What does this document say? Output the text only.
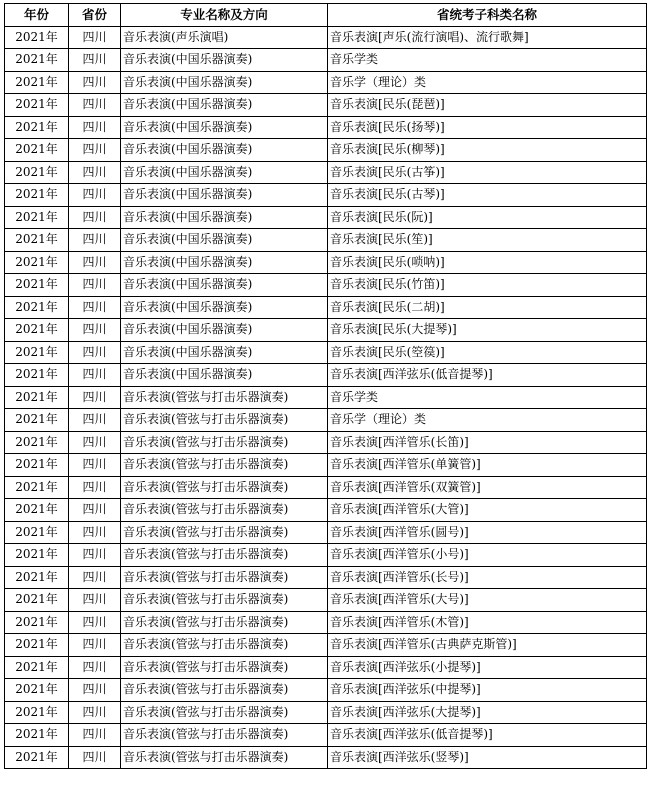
年份	省份	专业名称及方向	省统考子科类名称
2021年	四川	音乐表演(声乐演唱)	音乐表演[声乐(流行演唱)、流行歌舞]
2021年	四川	音乐表演(中国乐器演奏)	音乐学类
2021年	四川	音乐表演(中国乐器演奏)	音乐学（理论）类
2021年	四川	音乐表演(中国乐器演奏)	音乐表演[民乐(琵琶)]
2021年	四川	音乐表演(中国乐器演奏)	音乐表演[民乐(扬琴)]
2021年	四川	音乐表演(中国乐器演奏)	音乐表演[民乐(柳琴)]
2021年	四川	音乐表演(中国乐器演奏)	音乐表演[民乐(古筝)]
2021年	四川	音乐表演(中国乐器演奏)	音乐表演[民乐(古琴)]
2021年	四川	音乐表演(中国乐器演奏)	音乐表演[民乐(阮)]
2021年	四川	音乐表演(中国乐器演奏)	音乐表演[民乐(笙)]
2021年	四川	音乐表演(中国乐器演奏)	音乐表演[民乐(唢呐)]
2021年	四川	音乐表演(中国乐器演奏)	音乐表演[民乐(竹笛)]
2021年	四川	音乐表演(中国乐器演奏)	音乐表演[民乐(二胡)]
2021年	四川	音乐表演(中国乐器演奏)	音乐表演[民乐(大提琴)]
2021年	四川	音乐表演(中国乐器演奏)	音乐表演[民乐(箜篌)]
2021年	四川	音乐表演(中国乐器演奏)	音乐表演[西洋弦乐(低音提琴)]
2021年	四川	音乐表演(管弦与打击乐器演奏)	音乐学类
2021年	四川	音乐表演(管弦与打击乐器演奏)	音乐学（理论）类
2021年	四川	音乐表演(管弦与打击乐器演奏)	音乐表演[西洋管乐(长笛)]
2021年	四川	音乐表演(管弦与打击乐器演奏)	音乐表演[西洋管乐(单簧管)]
2021年	四川	音乐表演(管弦与打击乐器演奏)	音乐表演[西洋管乐(双簧管)]
2021年	四川	音乐表演(管弦与打击乐器演奏)	音乐表演[西洋管乐(大管)]
2021年	四川	音乐表演(管弦与打击乐器演奏)	音乐表演[西洋管乐(圆号)]
2021年	四川	音乐表演(管弦与打击乐器演奏)	音乐表演[西洋管乐(小号)]
2021年	四川	音乐表演(管弦与打击乐器演奏)	音乐表演[西洋管乐(长号)]
2021年	四川	音乐表演(管弦与打击乐器演奏)	音乐表演[西洋管乐(大号)]
2021年	四川	音乐表演(管弦与打击乐器演奏)	音乐表演[西洋管乐(木管)]
2021年	四川	音乐表演(管弦与打击乐器演奏)	音乐表演[西洋管乐(古典萨克斯管)]
2021年	四川	音乐表演(管弦与打击乐器演奏)	音乐表演[西洋弦乐(小提琴)]
2021年	四川	音乐表演(管弦与打击乐器演奏)	音乐表演[西洋弦乐(中提琴)]
2021年	四川	音乐表演(管弦与打击乐器演奏)	音乐表演[西洋弦乐(大提琴)]
2021年	四川	音乐表演(管弦与打击乐器演奏)	音乐表演[西洋弦乐(低音提琴)]
2021年	四川	音乐表演(管弦与打击乐器演奏)	音乐表演[西洋弦乐(竖琴)]
